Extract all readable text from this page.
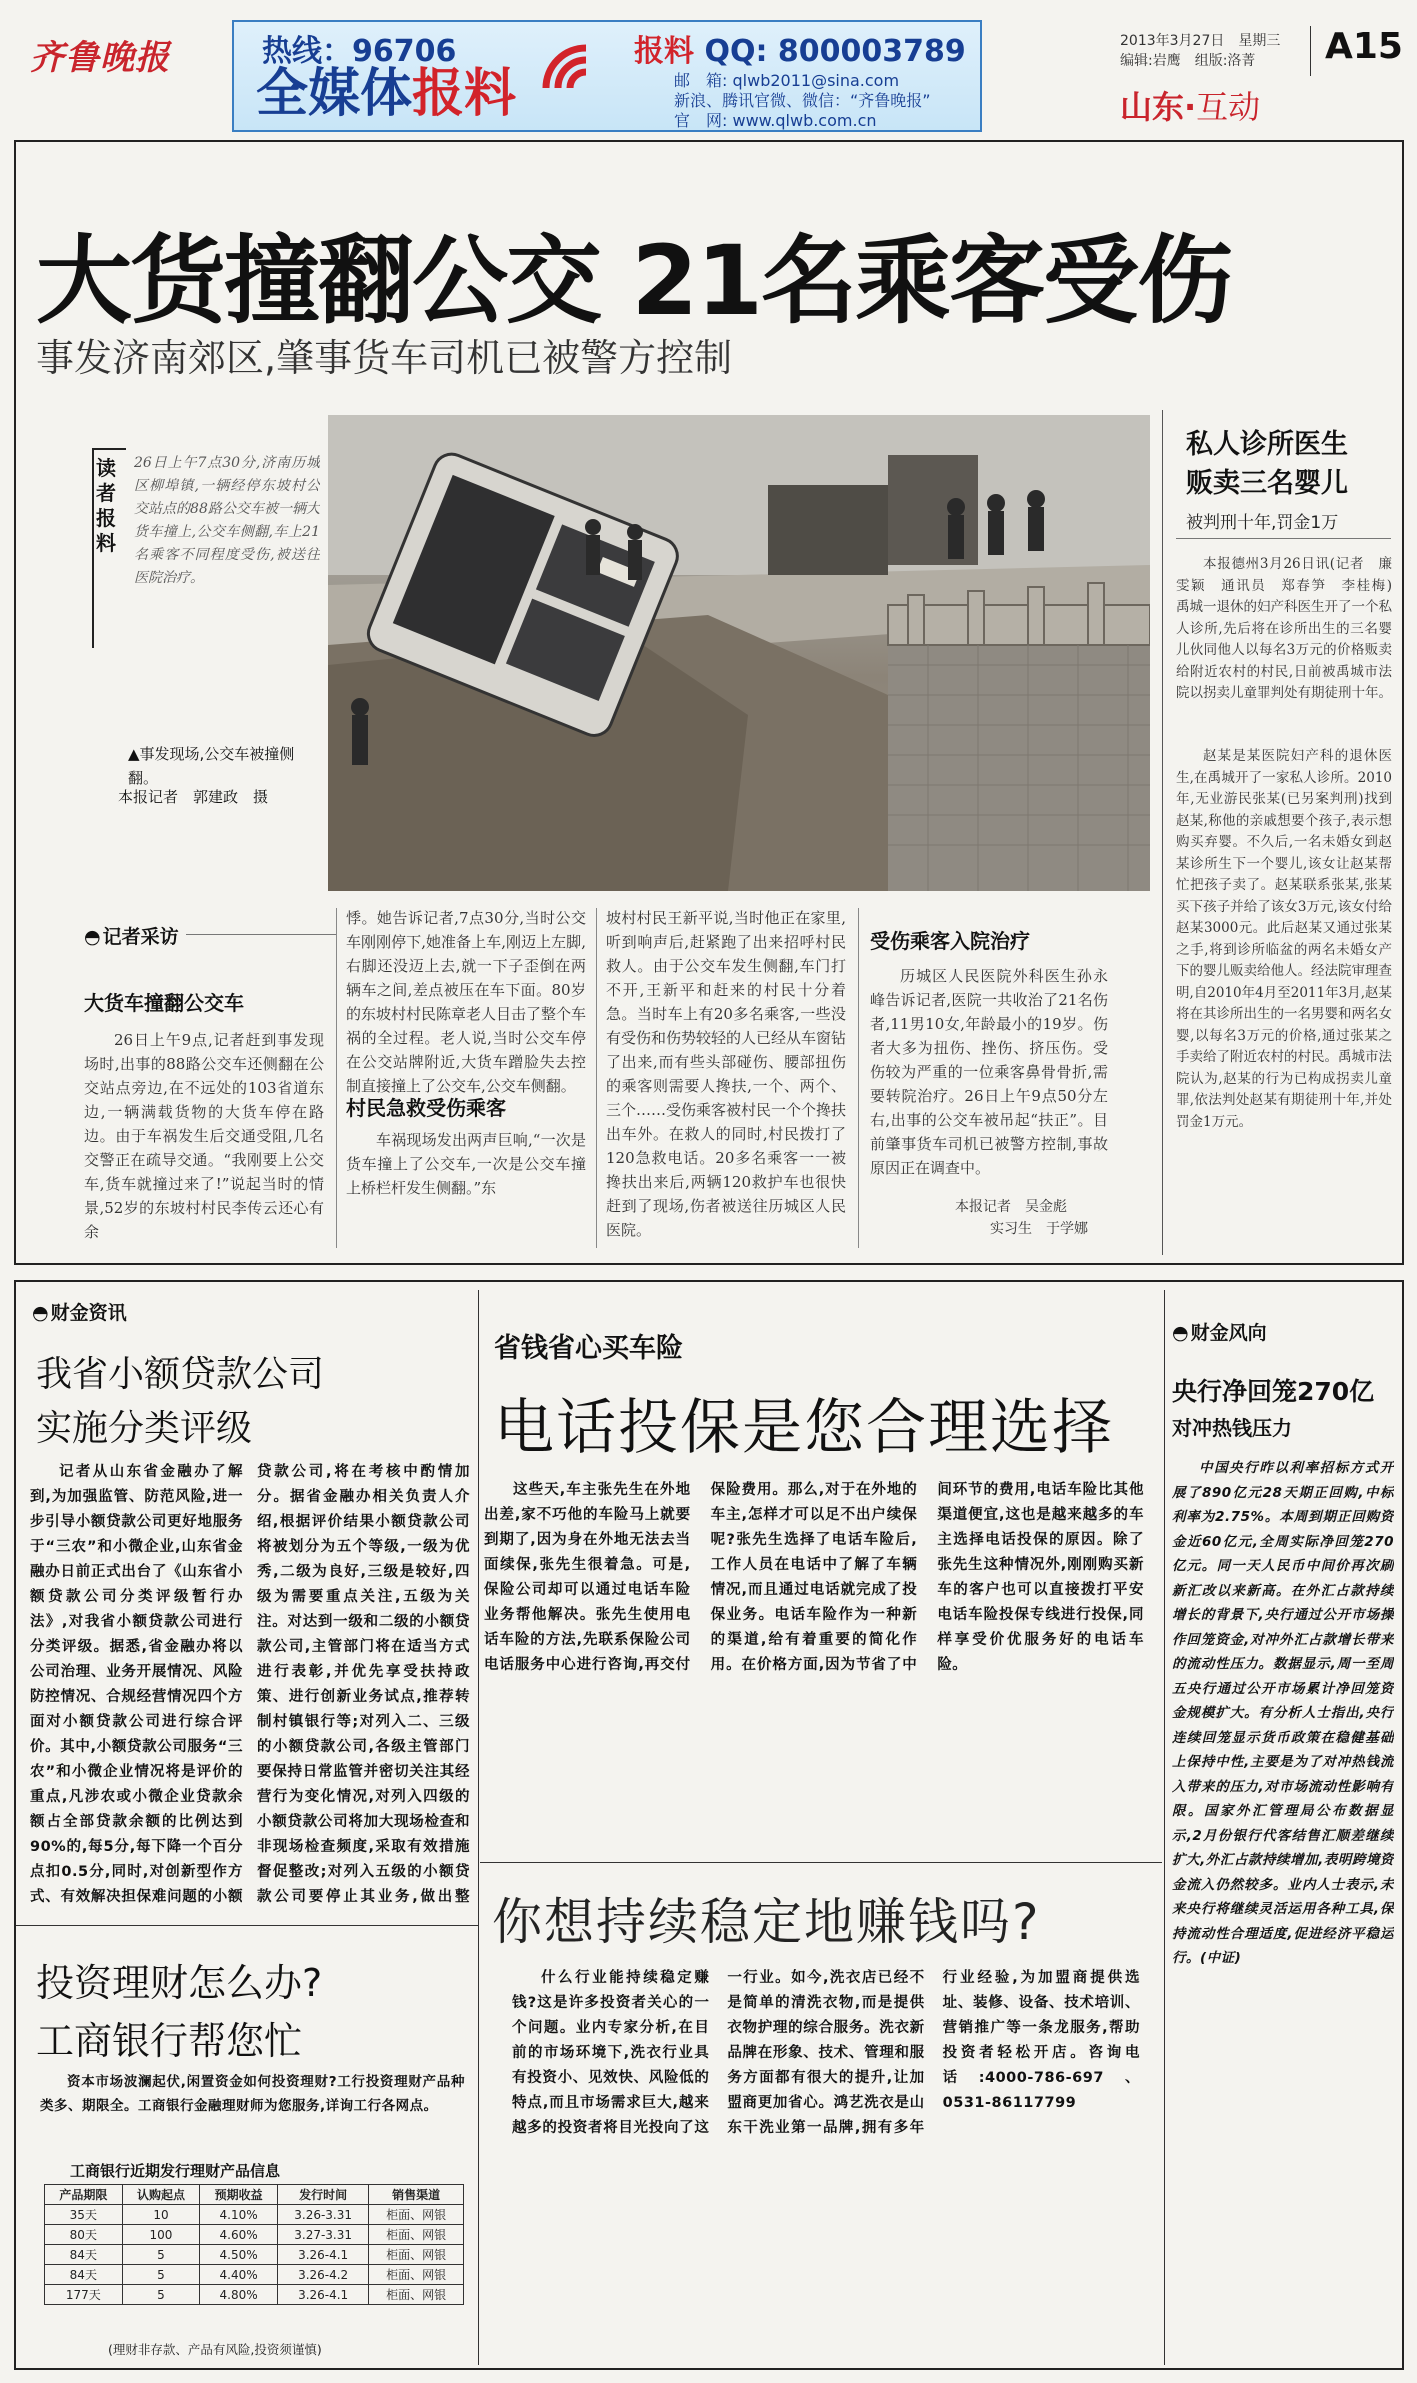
齐鲁晚报	热线：96706
全媒体报料
报料 QQ: 800003789
邮　箱: qlwb2011@sina.com
新浪、腾讯官微、微信：“齐鲁晚报”
官　网: www.qlwb.com.cn
2013年3月27日　星期三
编辑:岩鹰　组版:洛菁 A15
山东·互动
大货撞翻公交 21名乘客受伤
事发济南郊区,肇事货车司机已被警方控制
读者报料
26日上午7点30分,济南历城区柳埠镇,一辆经停东坡村公交站点的88路公交车被一辆大货车撞上,公交车侧翻,车上21名乘客不同程度受伤,被送往医院治疗。
▲事发现场,公交车被撞侧翻。
本报记者　郭建政　摄
◓ 记者采访
大货车撞翻公交车
26日上午9点,记者赶到事发现场时,出事的88路公交车还侧翻在公交站点旁边,在不远处的103省道东边,一辆满载货物的大货车停在路边。由于车祸发生后交通受阻,几名交警正在疏导交通。“我刚要上公交车,货车就撞过来了!”说起当时的情景,52岁的东坡村村民李传云还心有余
悸。她告诉记者,7点30分,当时公交车刚刚停下,她准备上车,刚迈上左脚,右脚还没迈上去,就一下子歪倒在两辆车之间,差点被压在车下面。80岁的东坡村村民陈章老人目击了整个车祸的全过程。老人说,当时公交车停在公交站牌附近,大货车蹭脸失去控制直接撞上了公交车,公交车侧翻。
村民急救受伤乘客
车祸现场发出两声巨响,“一次是货车撞上了公交车,一次是公交车撞上桥栏杆发生侧翻。”东
坡村村民王新平说,当时他正在家里,听到响声后,赶紧跑了出来招呼村民救人。由于公交车发生侧翻,车门打不开,王新平和赶来的村民十分着急。当时车上有20多名乘客,一些没有受伤和伤势较轻的人已经从车窗钻了出来,而有些头部碰伤、腰部扭伤的乘客则需要人搀扶,一个、两个、三个……受伤乘客被村民一个个搀扶出车外。在救人的同时,村民拨打了120急救电话。20多名乘客一一被搀扶出来后,两辆120救护车也很快赶到了现场,伤者被送往历城区人民医院。
受伤乘客入院治疗
历城区人民医院外科医生孙永峰告诉记者,医院一共收治了21名伤者,11男10女,年龄最小的19岁。伤者大多为扭伤、挫伤、挤压伤。受伤较为严重的一位乘客鼻骨骨折,需要转院治疗。26日上午9点50分左右,出事的公交车被吊起“扶正”。目前肇事货车司机已被警方控制,事故原因正在调查中。
本报记者　吴金彪
实习生　于学娜
私人诊所医生贩卖三名婴儿
被判刑十年,罚金1万
本报德州3月26日讯(记者　廉雯颖　通讯员　郑春笋　李桂梅)　禹城一退休的妇产科医生开了一个私人诊所,先后将在诊所出生的三名婴儿伙同他人以每名3万元的价格贩卖给附近农村的村民,日前被禹城市法院以拐卖儿童罪判处有期徒刑十年。
赵某是某医院妇产科的退休医生,在禹城开了一家私人诊所。2010年,无业游民张某(已另案判刑)找到赵某,称他的亲戚想要个孩子,表示想购买弃婴。不久后,一名未婚女到赵某诊所生下一个婴儿,该女让赵某帮忙把孩子卖了。赵某联系张某,张某买下孩子并给了该女3万元,该女付给赵某3000元。此后赵某又通过张某之手,将到诊所临盆的两名未婚女产下的婴儿贩卖给他人。经法院审理查明,自2010年4月至2011年3月,赵某将在其诊所出生的一名男婴和两名女婴,以每名3万元的价格,通过张某之手卖给了附近农村的村民。禹城市法院认为,赵某的行为已构成拐卖儿童罪,依法判处赵某有期徒刑十年,并处罚金1万元。
◓ 财金资讯
我省小额贷款公司
实施分类评级
记者从山东省金融办了解到,为加强监管、防范风险,进一步引导小额贷款公司更好地服务于“三农”和小微企业,山东省金融办日前正式出台了《山东省小额贷款公司分类评级暂行办法》,对我省小额贷款公司进行分类评级。据悉,省金融办将以公司治理、业务开展情况、风险防控情况、合规经营情况四个方面对小额贷款公司进行综合评价。其中,小额贷款公司服务“三农”和小微企业情况将是评价的重点,凡涉农或小微企业贷款余额占全部贷款余额的比例达到90%的,每5分,每下降一个百分点扣0.5分,同时,对创新型作方式、有效解决担保难问题的小额贷款公司,将在考核中酌情加分。据省金融办相关负责人介绍,根据评价结果小额贷款公司将被划分为五个等级,一级为优秀,二级为良好,三级是较好,四级为需要重点关注,五级为关注。对达到一级和二级的小额贷款公司,主管部门将在适当方式进行表彰,并优先享受扶持政策、进行创新业务试点,推荐转制村镇银行等;对列入二、三级的小额贷款公司,各级主管部门要保持日常监管并密切关注其经营行为变化情况,对列入四级的小额贷款公司将加大现场检查和非现场检查频度,采取有效措施督促整改;对列入五级的小额贷款公司要停止其业务,做出整　　　
投资理财怎么办?
工商银行帮您忙
资本市场波澜起伏,闲置资金如何投资理财?工行投资理财产品种类多、期限全。工商银行金融理财师为您服务,详询工行各网点。
工商银行近期发行理财产品信息
产品期限	认购起点	预期收益	发行时间	销售渠道
35天	10	4.10%	3.26-3.31	柜面、网银
80天	100	4.60%	3.27-3.31	柜面、网银
84天	5	4.50%	3.26-4.1	柜面、网银
84天	5	4.40%	3.26-4.2	柜面、网银
177天	5	4.80%	3.26-4.1	柜面、网银
(理财非存款、产品有风险,投资须谨慎)
省钱省心买车险
电话投保是您合理选择
这些天,车主张先生在外地出差,家不巧他的车险马上就要到期了,因为身在外地无法去当面续保,张先生很着急。可是,保险公司却可以通过电话车险业务帮他解决。张先生使用电话车险的方法,先联系保险公司电话服务中心进行咨询,再交付保险费用。那么,对于在外地的车主,怎样才可以足不出户续保呢?张先生选择了电话车险后,工作人员在电话中了解了车辆情况,而且通过电话就完成了投保业务。电话车险作为一种新的渠道,给有着重要的简化作用。在价格方面,因为节省了中间环节的费用,电话车险比其他渠道便宜,这也是越来越多的车主选择电话投保的原因。除了张先生这种情况外,刚刚购买新车的客户也可以直接拨打平安电话车险投保专线进行投保,同样享受价优服务好的电话车险。
你想持续稳定地赚钱吗?
什么行业能持续稳定赚钱?这是许多投资者关心的一个问题。业内专家分析,在目前的市场环境下,洗衣行业具有投资小、见效快、风险低的特点,而且市场需求巨大,越来越多的投资者将目光投向了这一行业。如今,洗衣店已经不是简单的清洗衣物,而是提供衣物护理的综合服务。洗衣新品牌在形象、技术、管理和服务方面都有很大的提升,让加盟商更加省心。鸿艺洗衣是山东干洗业第一品牌,拥有多年行业经验,为加盟商提供选址、装修、设备、技术培训、营销推广等一条龙服务,帮助投资者轻松开店。咨询电话:4000-786-697、0531-86117799
◓ 财金风向
央行净回笼270亿
对冲热钱压力
中国央行昨以利率招标方式开展了890亿元28天期正回购,中标利率为2.75%。本周到期正回购资金近60亿元,全周实际净回笼270亿元。同一天人民币中间价再次刷新汇改以来新高。在外汇占款持续增长的背景下,央行通过公开市场操作回笼资金,对冲外汇占款增长带来的流动性压力。数据显示,周一至周五央行通过公开市场累计净回笼资金规模扩大。有分析人士指出,央行连续回笼显示货币政策在稳健基础上保持中性,主要是为了对冲热钱流入带来的压力,对市场流动性影响有限。国家外汇管理局公布数据显示,2月份银行代客结售汇顺差继续扩大,外汇占款持续增加,表明跨境资金流入仍然较多。业内人士表示,未来央行将继续灵活运用各种工具,保持流动性合理适度,促进经济平稳运行。(中证)
